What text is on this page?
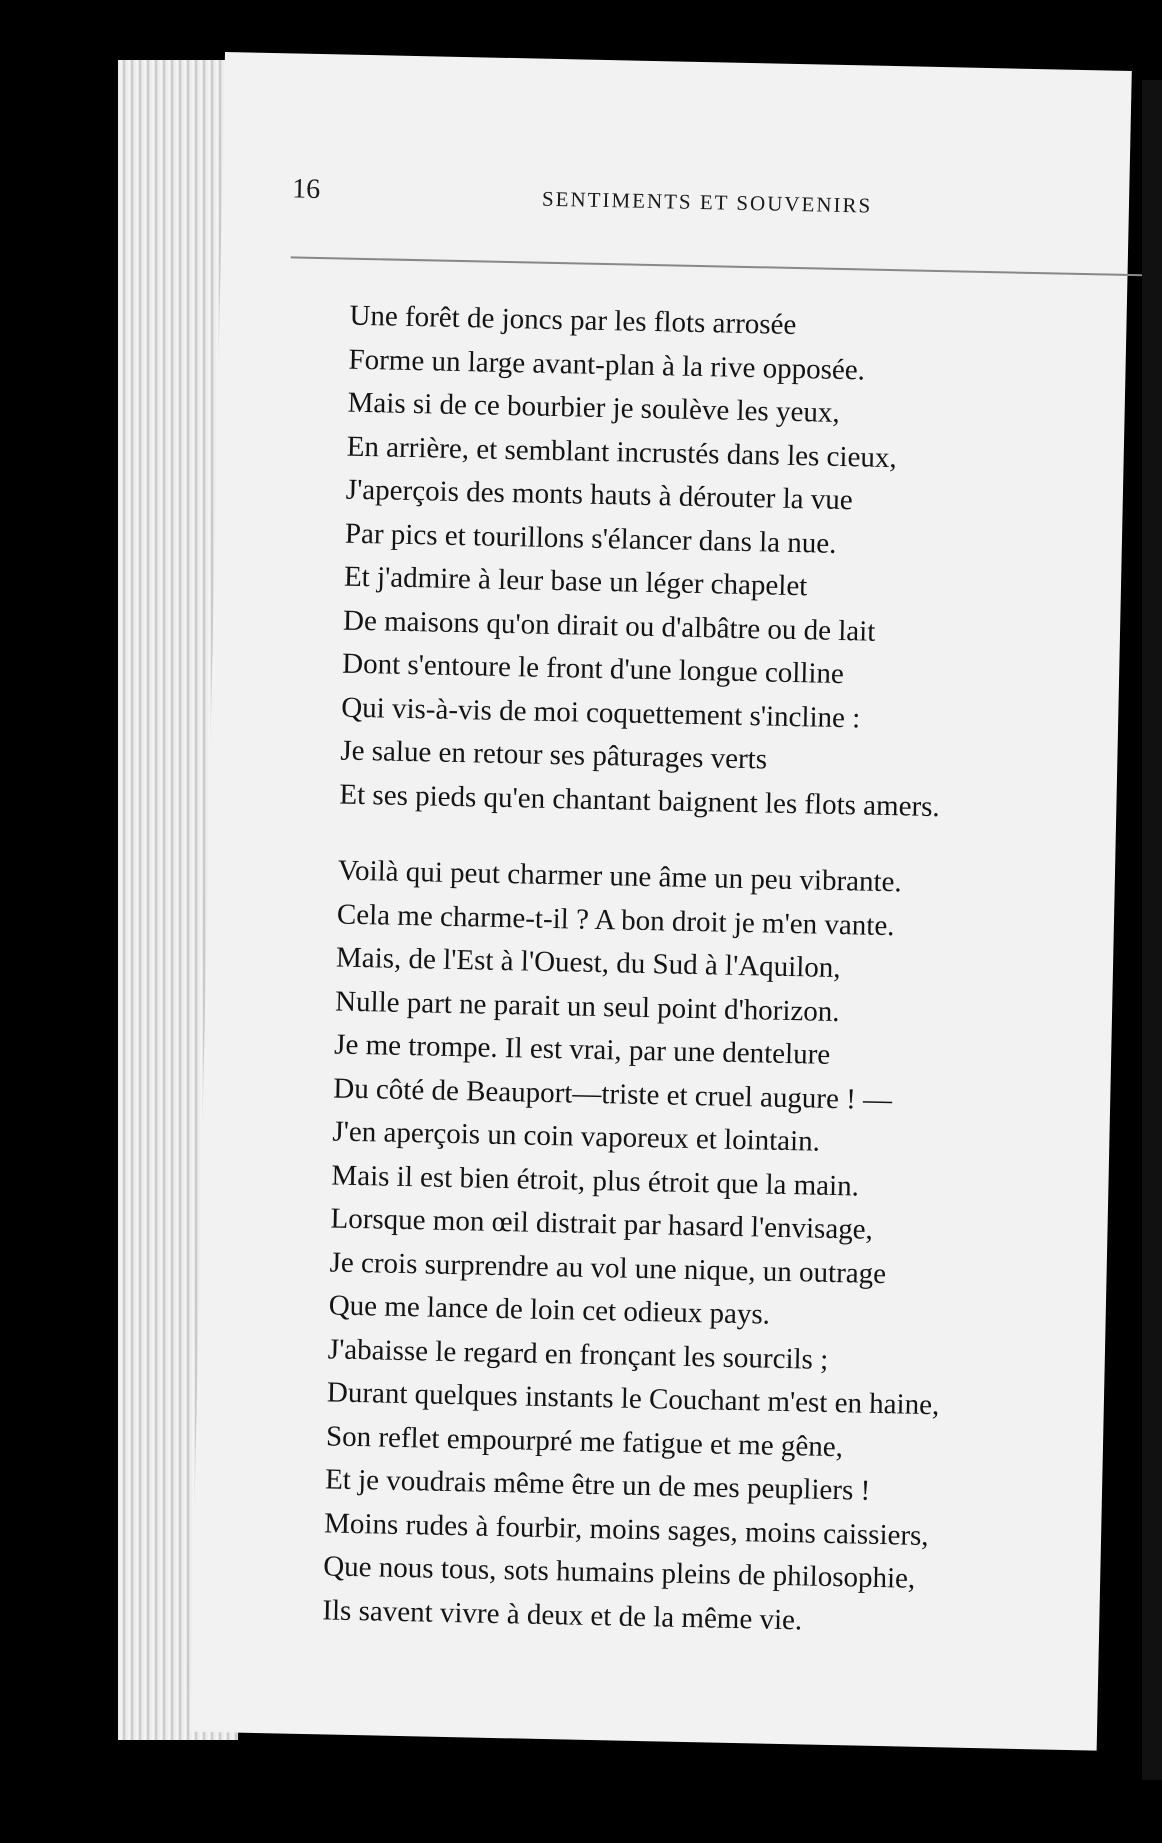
16	SENTIMENTS ET SOUVENIRS
Une forêt de joncs par les flots arrosée
Forme un large avant-plan à la rive opposée.
Mais si de ce bourbier je soulève les yeux,
En arrière, et semblant incrustés dans les cieux,
J'aperçois des monts hauts à dérouter la vue
Par pics et tourillons s'élancer dans la nue.
Et j'admire à leur base un léger chapelet
De maisons qu'on dirait ou d'albâtre ou de lait
Dont s'entoure le front d'une longue colline
Qui vis-à-vis de moi coquettement s'incline :
Je salue en retour ses pâturages verts
Et ses pieds qu'en chantant baignent les flots amers.
Voilà qui peut charmer une âme un peu vibrante.
Cela me charme-t-il ? A bon droit je m'en vante.
Mais, de l'Est à l'Ouest, du Sud à l'Aquilon,
Nulle part ne parait un seul point d'horizon.
Je me trompe. Il est vrai, par une dentelure
Du côté de Beauport—triste et cruel augure ! —
J'en aperçois un coin vaporeux et lointain.
Mais il est bien étroit, plus étroit que la main.
Lorsque mon œil distrait par hasard l'envisage,
Je crois surprendre au vol une nique, un outrage
Que me lance de loin cet odieux pays.
J'abaisse le regard en fronçant les sourcils ;
Durant quelques instants le Couchant m'est en haine,
Son reflet empourpré me fatigue et me gêne,
Et je voudrais même être un de mes peupliers !
Moins rudes à fourbir, moins sages, moins caissiers,
Que nous tous, sots humains pleins de philosophie,
Ils savent vivre à deux et de la même vie.
